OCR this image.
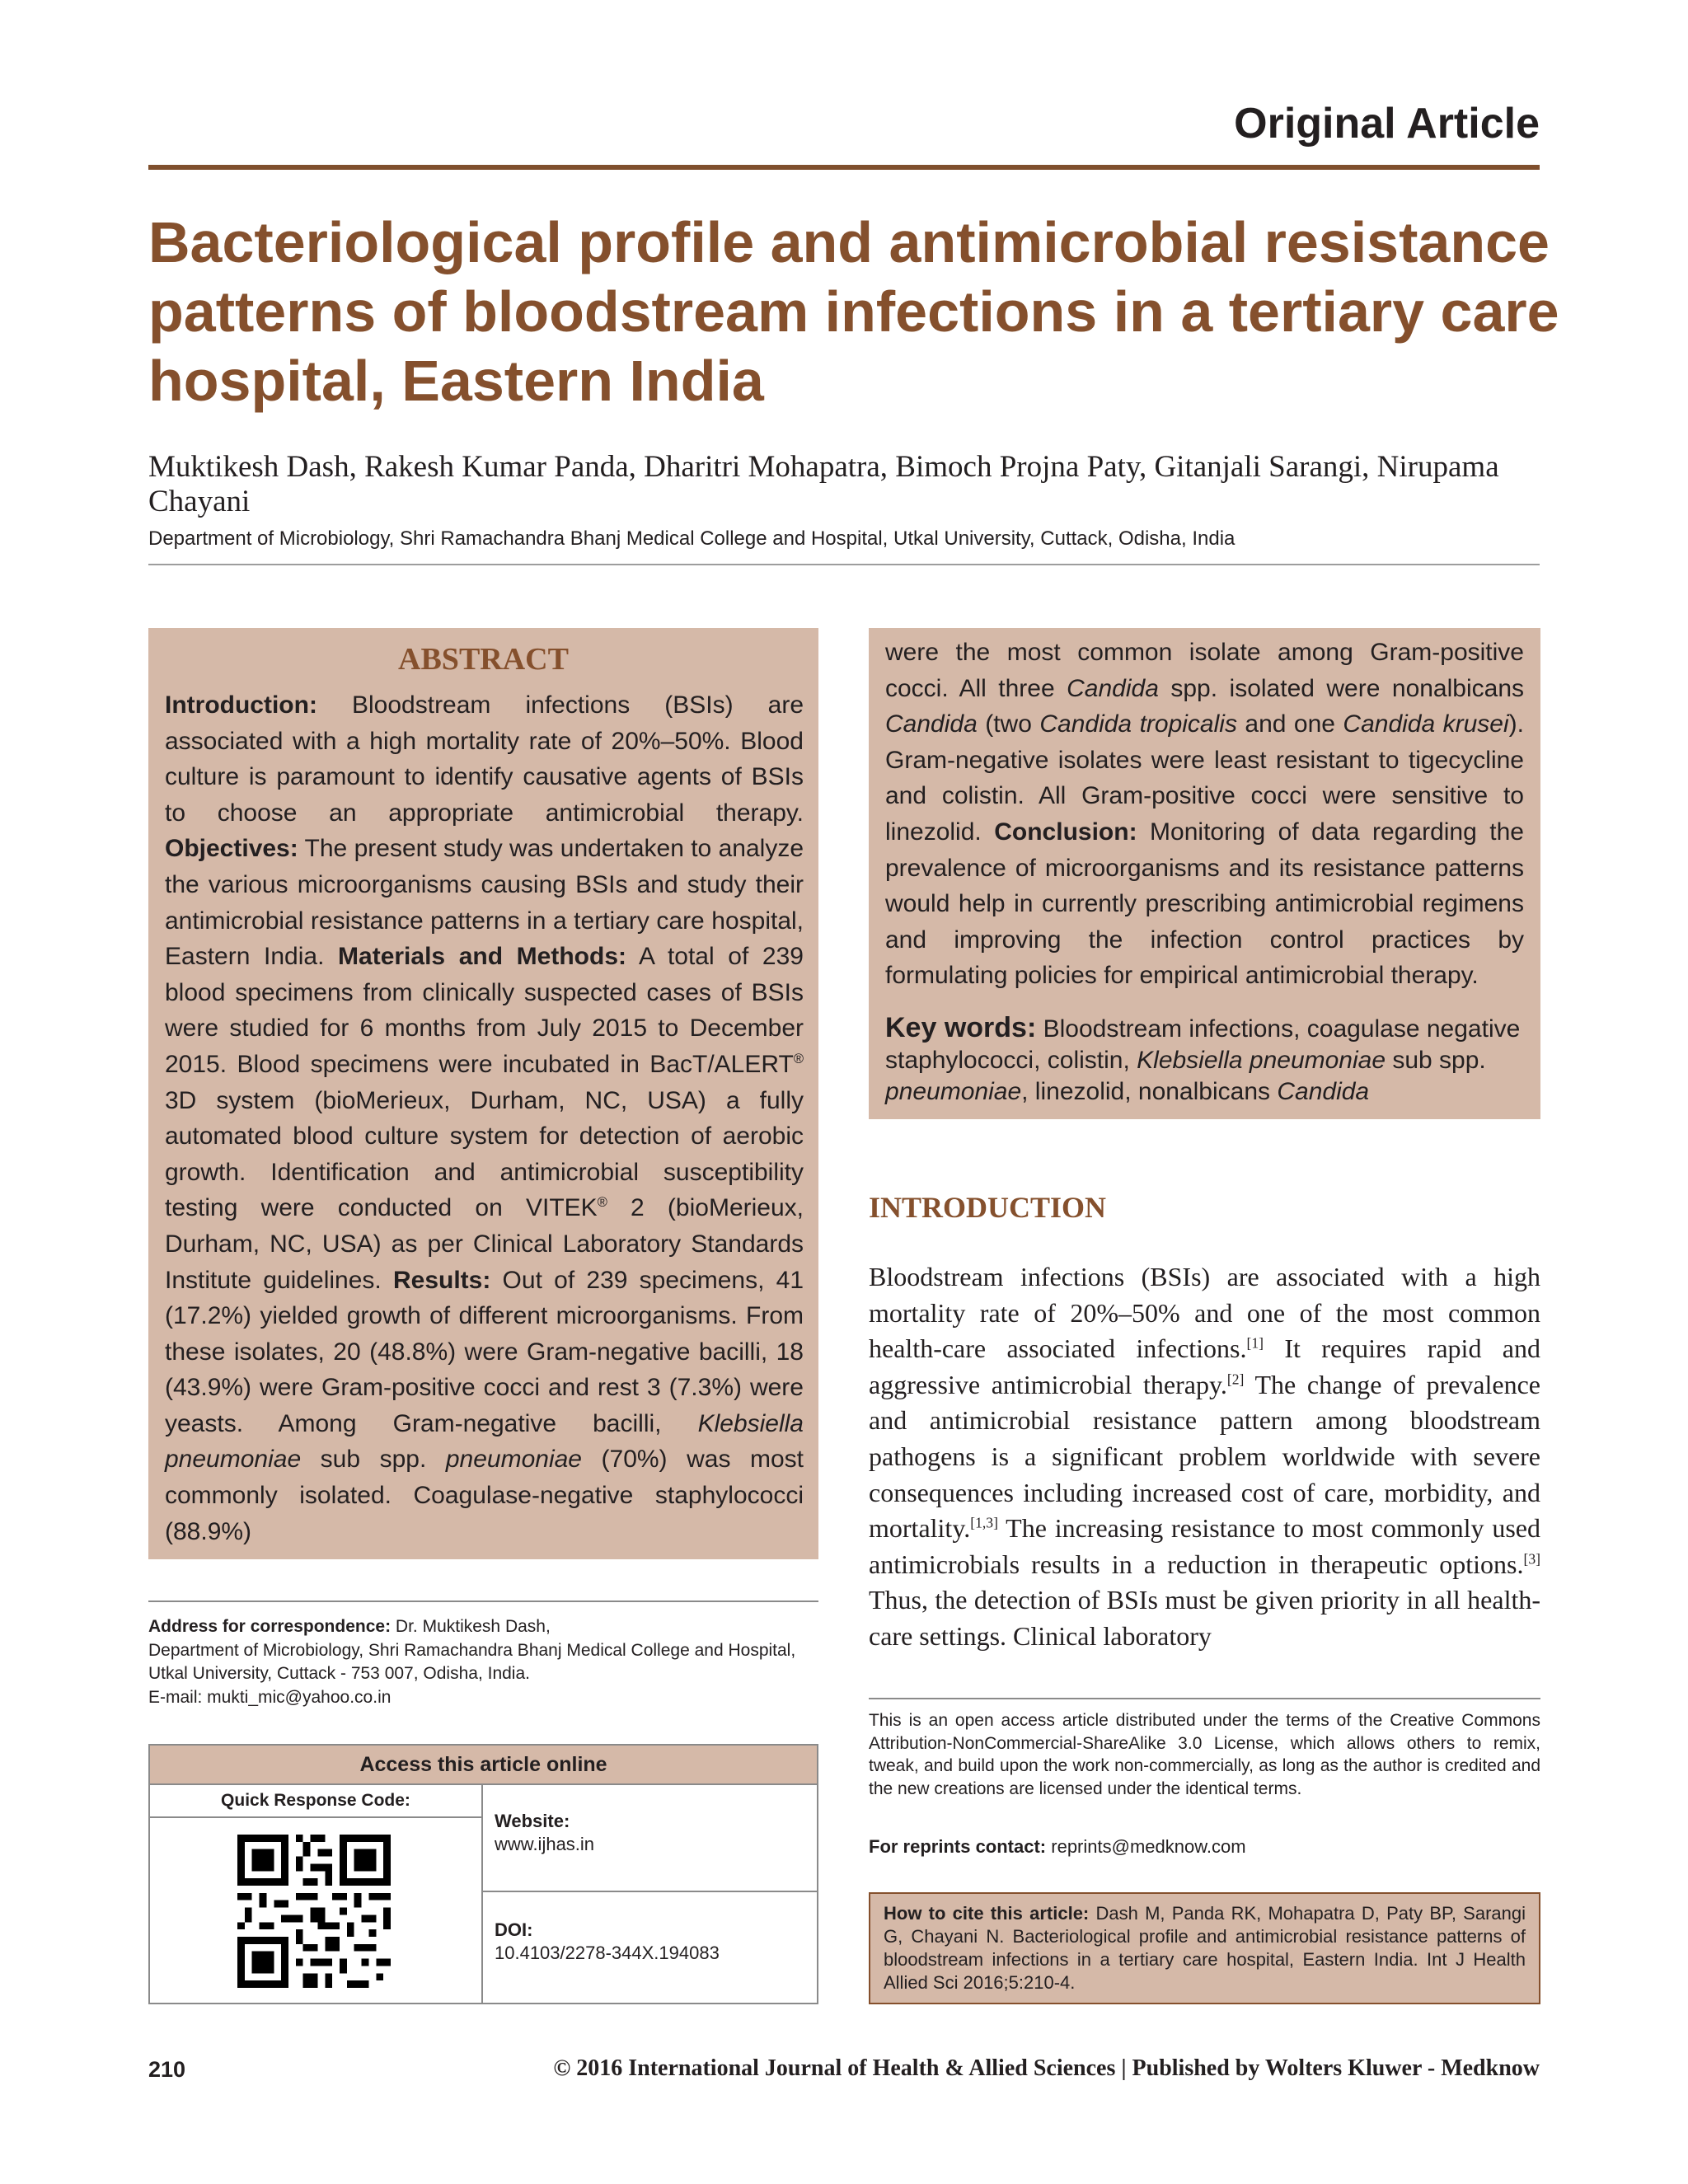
Original Article
Bacteriological profile and antimicrobial resistance patterns of bloodstream infections in a tertiary care hospital, Eastern India
Muktikesh Dash, Rakesh Kumar Panda, Dharitri Mohapatra, Bimoch Projna Paty, Gitanjali Sarangi, Nirupama Chayani
Department of Microbiology, Shri Ramachandra Bhanj Medical College and Hospital, Utkal University, Cuttack, Odisha, India
ABSTRACT
Introduction: Bloodstream infections (BSIs) are associated with a high mortality rate of 20%–50%. Blood culture is paramount to identify causative agents of BSIs to choose an appropriate antimicrobial therapy. Objectives: The present study was undertaken to analyze the various microorganisms causing BSIs and study their antimicrobial resistance patterns in a tertiary care hospital, Eastern India. Materials and Methods: A total of 239 blood specimens from clinically suspected cases of BSIs were studied for 6 months from July 2015 to December 2015. Blood specimens were incubated in BacT/ALERT® 3D system (bioMerieux, Durham, NC, USA) a fully automated blood culture system for detection of aerobic growth. Identification and antimicrobial susceptibility testing were conducted on VITEK® 2 (bioMerieux, Durham, NC, USA) as per Clinical Laboratory Standards Institute guidelines. Results: Out of 239 specimens, 41 (17.2%) yielded growth of different microorganisms. From these isolates, 20 (48.8%) were Gram-negative bacilli, 18 (43.9%) were Gram-positive cocci and rest 3 (7.3%) were yeasts. Among Gram-negative bacilli, Klebsiella pneumoniae sub spp. pneumoniae (70%) was most commonly isolated. Coagulase-negative staphylococci (88.9%)
were the most common isolate among Gram-positive cocci. All three Candida spp. isolated were nonalbicans Candida (two Candida tropicalis and one Candida krusei). Gram-negative isolates were least resistant to tigecycline and colistin. All Gram-positive cocci were sensitive to linezolid. Conclusion: Monitoring of data regarding the prevalence of microorganisms and its resistance patterns would help in currently prescribing antimicrobial regimens and improving the infection control practices by formulating policies for empirical antimicrobial therapy.
Key words: Bloodstream infections, coagulase negative staphylococci, colistin, Klebsiella pneumoniae sub spp. pneumoniae, linezolid, nonalbicans Candida
INTRODUCTION
Bloodstream infections (BSIs) are associated with a high mortality rate of 20%–50% and one of the most common health-care associated infections.[1] It requires rapid and aggressive antimicrobial therapy.[2] The change of prevalence and antimicrobial resistance pattern among bloodstream pathogens is a significant problem worldwide with severe consequences including increased cost of care, morbidity, and mortality.[1,3] The increasing resistance to most commonly used antimicrobials results in a reduction in therapeutic options.[3] Thus, the detection of BSIs must be given priority in all health-care settings. Clinical laboratory
Address for correspondence: Dr. Muktikesh Dash,
Department of Microbiology, Shri Ramachandra Bhanj Medical College and Hospital, Utkal University, Cuttack - 753 007, Odisha, India.
E-mail: mukti_mic@yahoo.co.in
Access this article online
Quick Response Code:
Website:
www.ijhas.in
DOI:
10.4103/2278-344X.194083
This is an open access article distributed under the terms of the Creative Commons Attribution-NonCommercial-ShareAlike 3.0 License, which allows others to remix, tweak, and build upon the work non-commercially, as long as the author is credited and the new creations are licensed under the identical terms.
For reprints contact: reprints@medknow.com
How to cite this article: Dash M, Panda RK, Mohapatra D, Paty BP, Sarangi G, Chayani N. Bacteriological profile and antimicrobial resistance patterns of bloodstream infections in a tertiary care hospital, Eastern India. Int J Health Allied Sci 2016;5:210-4.
210	© 2016 International Journal of Health & Allied Sciences | Published by Wolters Kluwer - Medknow
